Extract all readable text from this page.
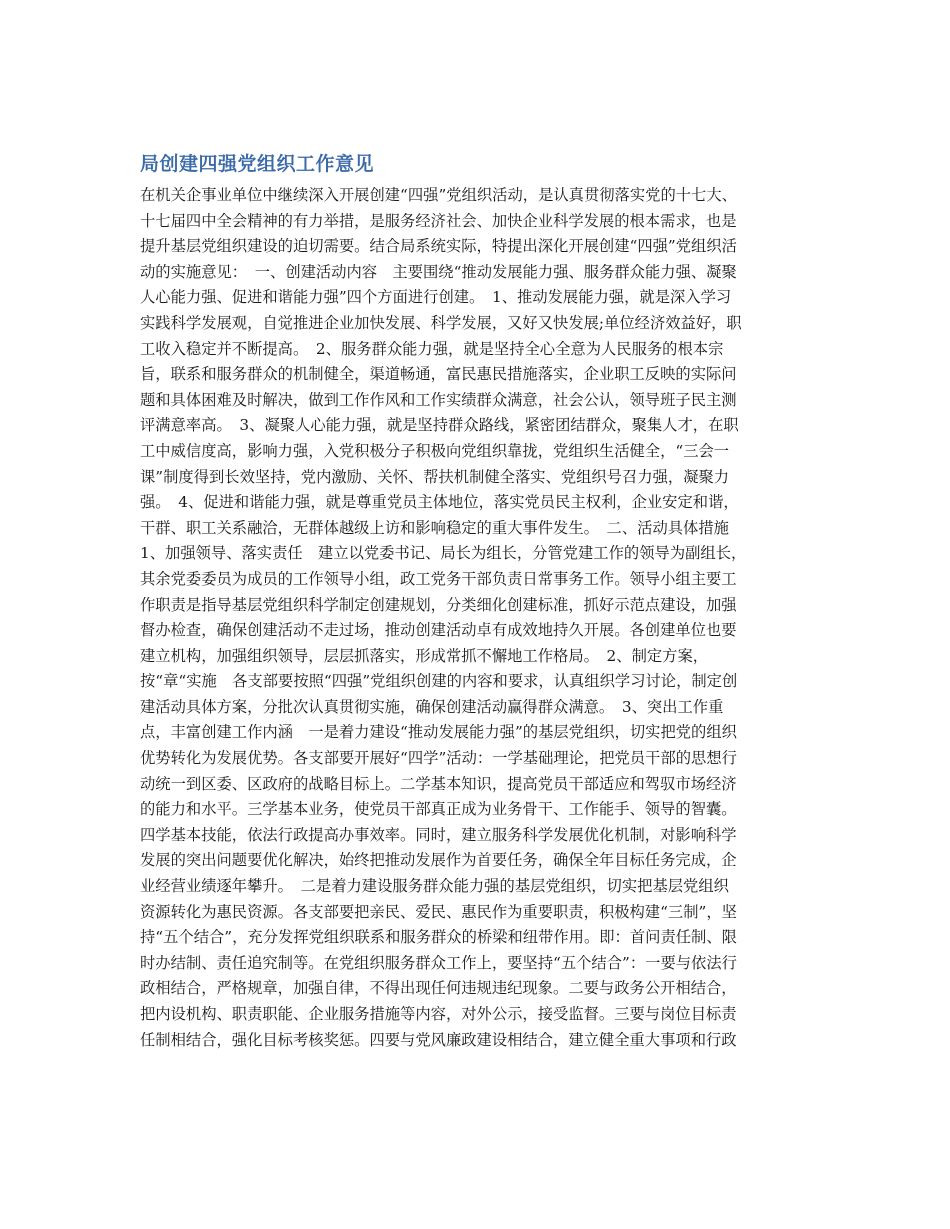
局创建四强党组织工作意见
在机关企事业单位中继续深入开展创建“四强”党组织活动，是认真贯彻落实党的十七大、
十七届四中全会精神的有力举措，是服务经济社会、加快企业科学发展的根本需求，也是
提升基层党组织建设的迫切需要。结合局系统实际，特提出深化开展创建“四强”党组织活
动的实施意见：　一、创建活动内容　主要围绕“推动发展能力强、服务群众能力强、凝聚
人心能力强、促进和谐能力强”四个方面进行创建。　1、推动发展能力强，就是深入学习
实践科学发展观，自觉推进企业加快发展、科学发展，又好又快发展;单位经济效益好，职
工收入稳定并不断提高。　2、服务群众能力强，就是坚持全心全意为人民服务的根本宗
旨，联系和服务群众的机制健全，渠道畅通，富民惠民措施落实，企业职工反映的实际问
题和具体困难及时解决，做到工作作风和工作实绩群众满意，社会公认，领导班子民主测
评满意率高。　3、凝聚人心能力强，就是坚持群众路线，紧密团结群众，聚集人才，在职
工中威信度高，影响力强，入党积极分子积极向党组织靠拢，党组织生活健全，“三会一
课”制度得到长效坚持，党内激励、关怀、帮扶机制健全落实、党组织号召力强，凝聚力
强。　4、促进和谐能力强，就是尊重党员主体地位，落实党员民主权利，企业安定和谐，
干群、职工关系融洽，无群体越级上访和影响稳定的重大事件发生。　二、活动具体措施
1、加强领导、落实责任　建立以党委书记、局长为组长，分管党建工作的领导为副组长，
其余党委委员为成员的工作领导小组，政工党务干部负责日常事务工作。领导小组主要工
作职责是指导基层党组织科学制定创建规划，分类细化创建标准，抓好示范点建设，加强
督办检查，确保创建活动不走过场，推动创建活动卓有成效地持久开展。各创建单位也要
建立机构，加强组织领导，层层抓落实，形成常抓不懈地工作格局。　2、制定方案，
按“章“实施　各支部要按照“四强”党组织创建的内容和要求，认真组织学习讨论，制定创
建活动具体方案，分批次认真贯彻实施，确保创建活动赢得群众满意。　3、突出工作重
点，丰富创建工作内涵　一是着力建设“推动发展能力强”的基层党组织，切实把党的组织
优势转化为发展优势。各支部要开展好“四学”活动：一学基础理论，把党员干部的思想行
动统一到区委、区政府的战略目标上。二学基本知识，提高党员干部适应和驾驭市场经济
的能力和水平。三学基本业务，使党员干部真正成为业务骨干、工作能手、领导的智囊。
四学基本技能，依法行政提高办事效率。同时，建立服务科学发展优化机制，对影响科学
发展的突出问题要优化解决，始终把推动发展作为首要任务，确保全年目标任务完成，企
业经营业绩逐年攀升。　二是着力建设服务群众能力强的基层党组织，切实把基层党组织
资源转化为惠民资源。各支部要把亲民、爱民、惠民作为重要职责，积极构建“三制”，坚
持“五个结合”，充分发挥党组织联系和服务群众的桥梁和纽带作用。即：首问责任制、限
时办结制、责任追究制等。在党组织服务群众工作上，要坚持“五个结合”：一要与依法行
政相结合，严格规章，加强自律，不得出现任何违规违纪现象。二要与政务公开相结合，
把内设机构、职责职能、企业服务措施等内容，对外公示，接受监督。三要与岗位目标责
任制相结合，强化目标考核奖惩。四要与党风廉政建设相结合，建立健全重大事项和行政
